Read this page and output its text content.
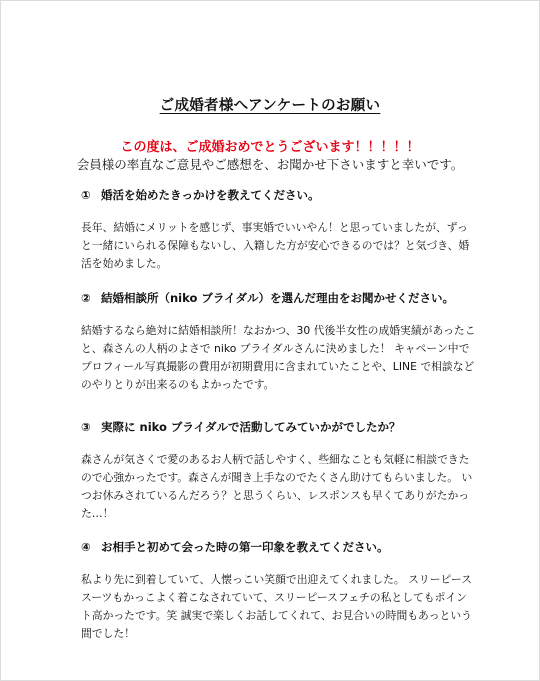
ご成婚者様へアンケートのお願い
この度は、ご成婚おめでとうございます！！！！！
会員様の率直なご意見やご感想を、お聞かせ下さいますと幸いです。
① 婚活を始めたきっかけを教えてください。
長年、結婚にメリットを感じず、事実婚でいいやん！と思っていましたが、ずっと一緒にいられる保障もないし、入籍した方が安心できるのでは？と気づき、婚活を始めました。
② 結婚相談所（niko ブライダル）を選んだ理由をお聞かせください。
結婚するなら絶対に結婚相談所！なおかつ、30 代後半女性の成婚実績があったこと、森さんの人柄のよさで niko ブライダルさんに決めました！ キャペーン中でプロフィール写真撮影の費用が初期費用に含まれていたことや、LINE で相談などのやりとりが出来るのもよかったです。
③ 実際に niko ブライダルで活動してみていかがでしたか？
森さんが気さくで愛のあるお人柄で話しやすく、些細なことも気軽に相談できたので心強かったです。森さんが聞き上手なのでたくさん助けてもらいました。 いつお休みされているんだろう？と思うくらい、レスポンスも早くてありがたかった…！
④ お相手と初めて会った時の第一印象を教えてください。
私より先に到着していて、人懐っこい笑顔で出迎えてくれました。 スリーピーススーツもかっこよく着こなされていて、スリーピースフェチの私としてもポイント高かったです。笑 誠実で楽しくお話してくれて、お見合いの時間もあっという間でした！
